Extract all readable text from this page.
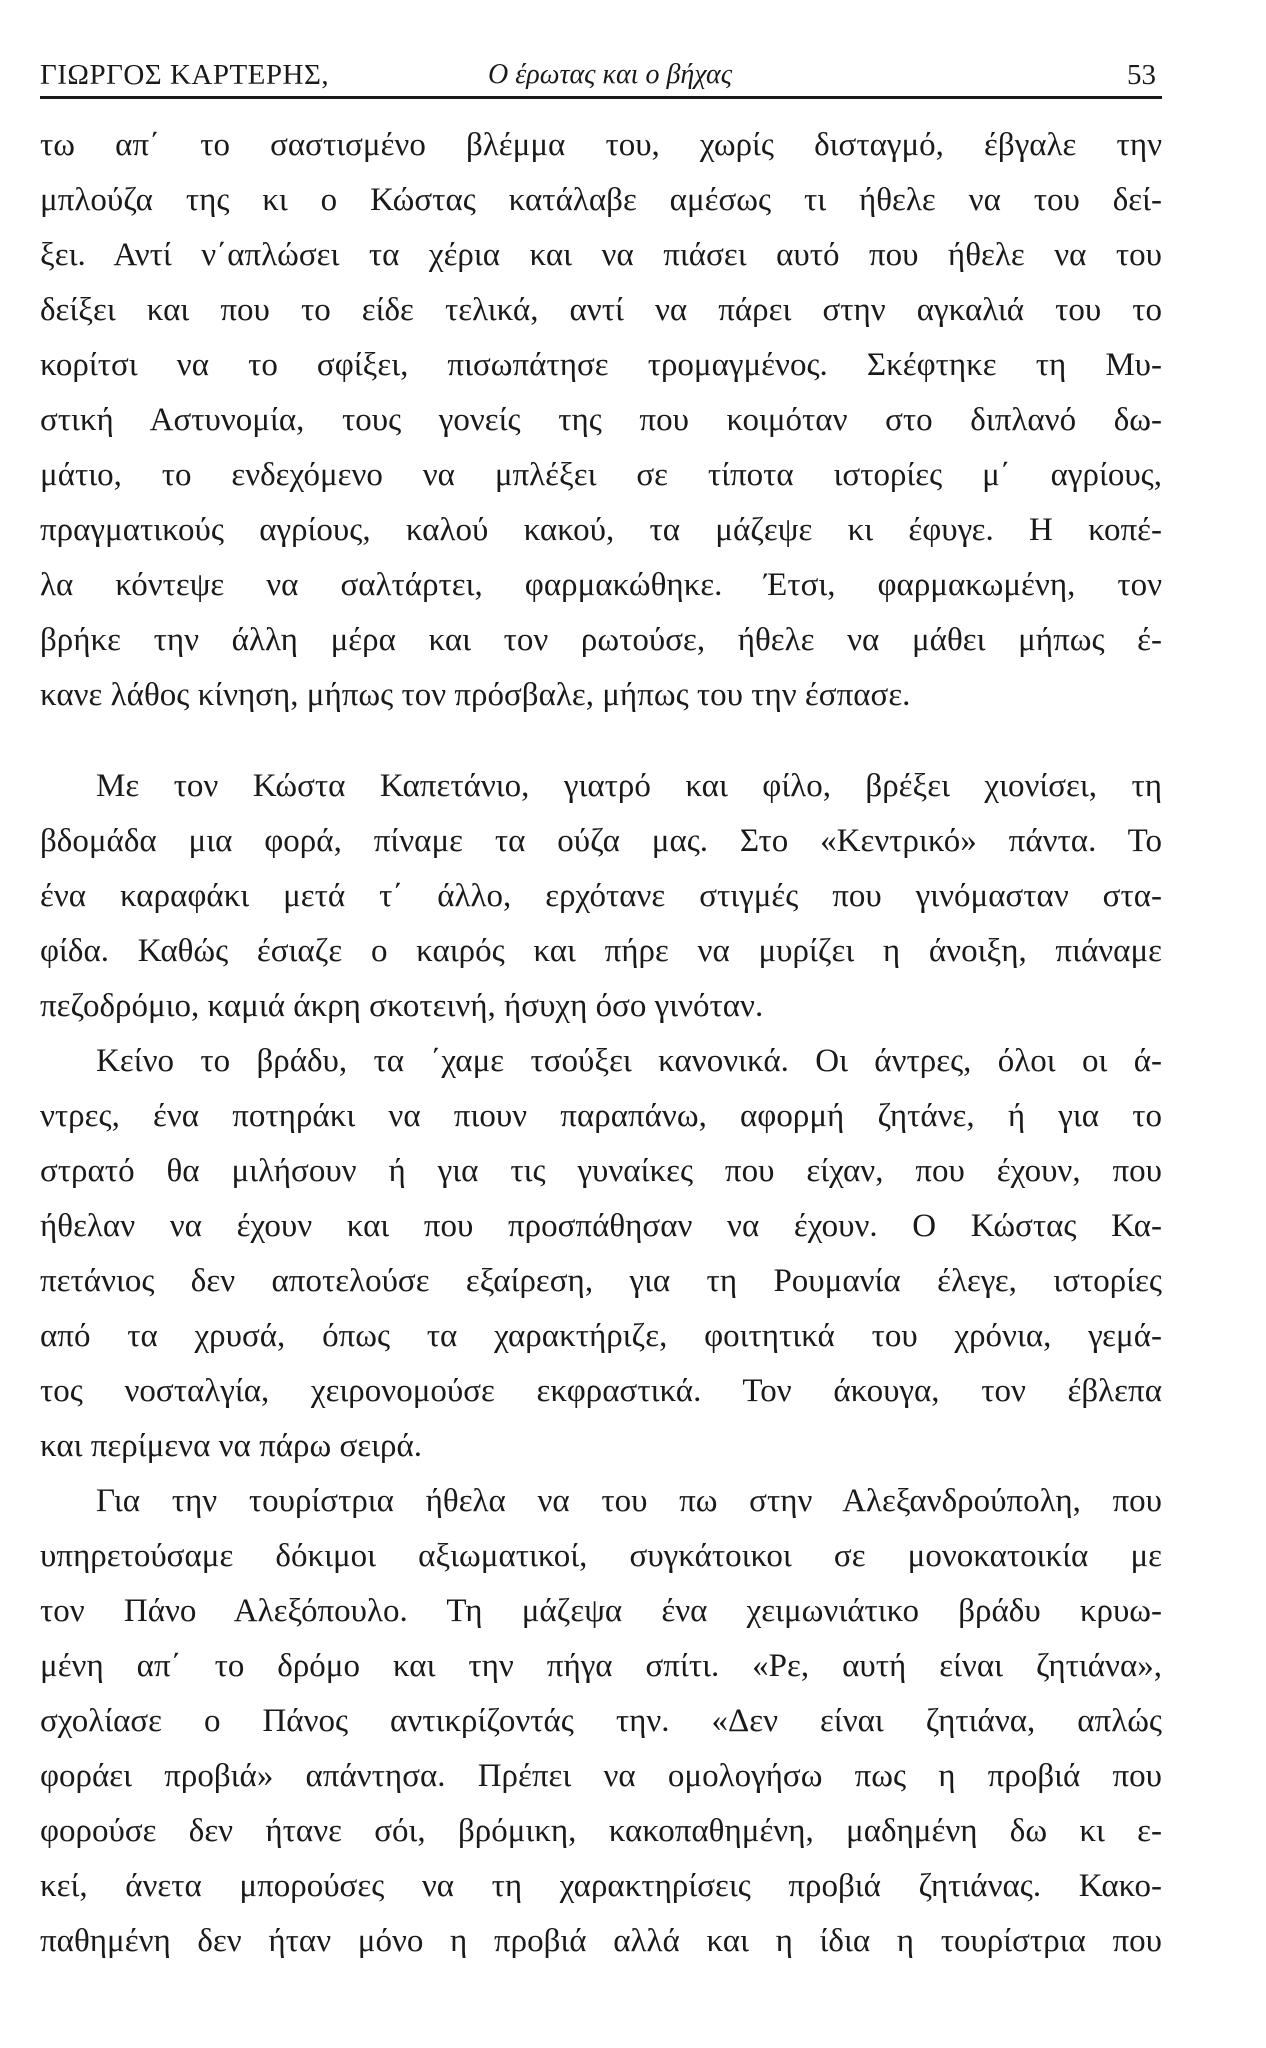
ΓΙΩΡΓΟΣ ΚΑΡΤΕΡΗΣ,	Ο έρωτας και ο βήχας	53
τω απ΄ το σαστισμένο βλέμμα του, χωρίς δισταγμό, έβγαλε την
μπλούζα της κι ο Κώστας κατάλαβε αμέσως τι ήθελε να του δεί-
ξει. Αντί ν΄απλώσει τα χέρια και να πιάσει αυτό που ήθελε να του
δείξει και που το είδε τελικά, αντί να πάρει στην αγκαλιά του το
κορίτσι να το σφίξει, πισωπάτησε τρομαγμένος. Σκέφτηκε τη Μυ-
στική Αστυνομία, τους γονείς της που κοιμόταν στο διπλανό δω-
μάτιο, το ενδεχόμενο να μπλέξει σε τίποτα ιστορίες μ΄ αγρίους,
πραγματικούς αγρίους, καλού κακού, τα μάζεψε κι έφυγε. Η κοπέ-
λα κόντεψε να σαλτάρτει, φαρμακώθηκε. Έτσι, φαρμακωμένη, τον
βρήκε την άλλη μέρα και τον ρωτούσε, ήθελε να μάθει μήπως έ-
κανε λάθος κίνηση, μήπως τον πρόσβαλε, μήπως του την έσπασε.
Με τον Κώστα Καπετάνιο, γιατρό και φίλο, βρέξει χιονίσει, τη
βδομάδα μια φορά, πίναμε τα ούζα μας. Στο «Κεντρικό» πάντα. Το
ένα καραφάκι μετά τ΄ άλλο, ερχότανε στιγμές που γινόμασταν στα-
φίδα. Καθώς έσιαζε ο καιρός και πήρε να μυρίζει η άνοιξη, πιάναμε
πεζοδρόμιο, καμιά άκρη σκοτεινή, ήσυχη όσο γινόταν.
Κείνο το βράδυ, τα ΄χαμε τσούξει κανονικά. Οι άντρες, όλοι οι ά-
ντρες, ένα ποτηράκι να πιουν παραπάνω, αφορμή ζητάνε, ή για το
στρατό θα μιλήσουν ή για τις γυναίκες που είχαν, που έχουν, που
ήθελαν να έχουν και που προσπάθησαν να έχουν. Ο Κώστας Κα-
πετάνιος δεν αποτελούσε εξαίρεση, για τη Ρουμανία έλεγε, ιστορίες
από τα χρυσά, όπως τα χαρακτήριζε, φοιτητικά του χρόνια, γεμά-
τος νοσταλγία, χειρονομούσε εκφραστικά. Τον άκουγα, τον έβλεπα
και περίμενα να πάρω σειρά.
Για την τουρίστρια ήθελα να του πω στην Αλεξανδρούπολη, που
υπηρετούσαμε δόκιμοι αξιωματικοί, συγκάτοικοι σε μονοκατοικία με
τον Πάνο Αλεξόπουλο. Τη μάζεψα ένα χειμωνιάτικο βράδυ κρυω-
μένη απ΄ το δρόμο και την πήγα σπίτι. «Ρε, αυτή είναι ζητιάνα»,
σχολίασε ο Πάνος αντικρίζοντάς την. «Δεν είναι ζητιάνα, απλώς
φοράει προβιά» απάντησα. Πρέπει να ομολογήσω πως η προβιά που
φορούσε δεν ήτανε σόι, βρόμικη, κακοπαθημένη, μαδημένη δω κι ε-
κεί, άνετα μπορούσες να τη χαρακτηρίσεις προβιά ζητιάνας. Κακο-
παθημένη δεν ήταν μόνο η προβιά αλλά και η ίδια η τουρίστρια που
